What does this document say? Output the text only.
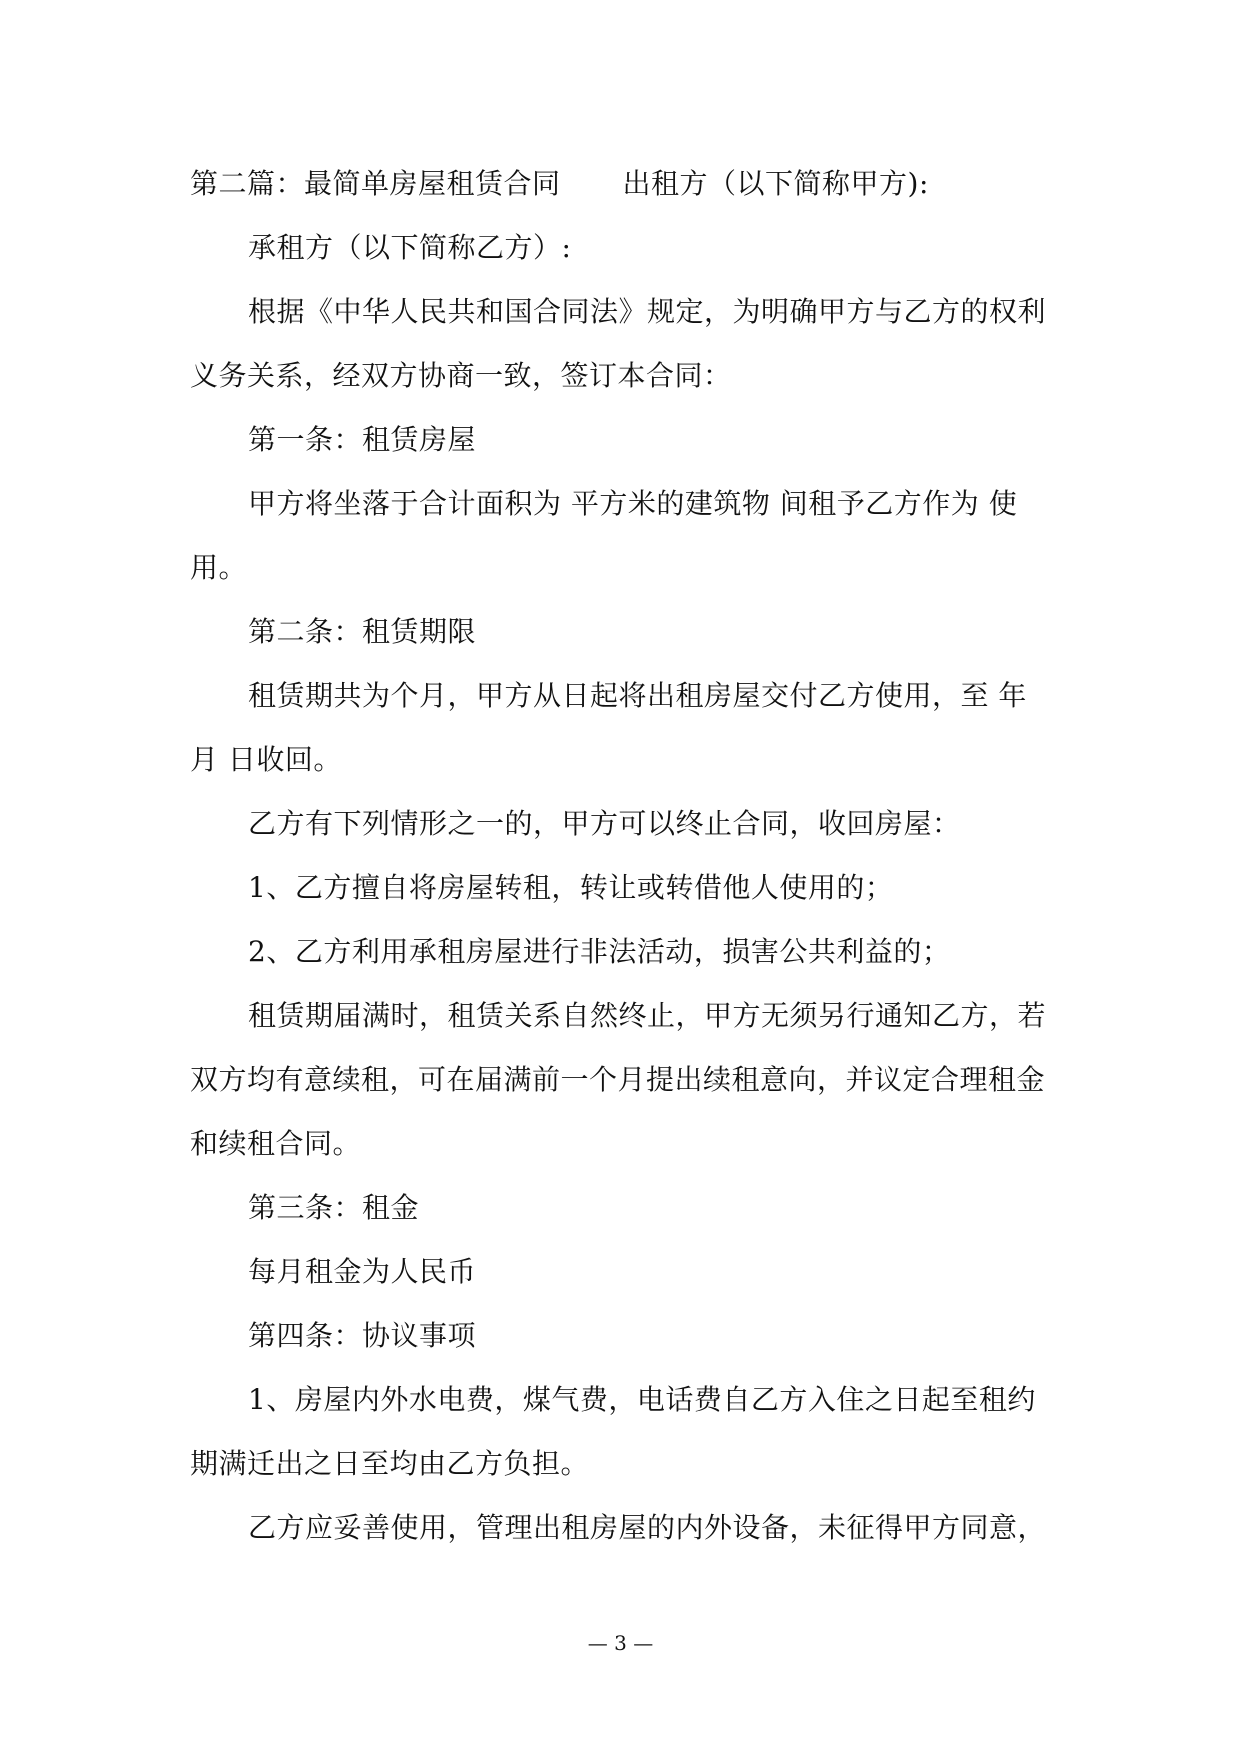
第二篇：最简单房屋租赁合同 出租方（以下简称甲方):
承租方（以下简称乙方）:
根据《中华人民共和国合同法》规定，为明确甲方与乙方的权利
义务关系，经双方协商一致，签订本合同：
第一条：租赁房屋
甲方将坐落于合计面积为 平方米的建筑物 间租予乙方作为 使
用。
第二条：租赁期限
租赁期共为个月，甲方从日起将出租房屋交付乙方使用，至 年
月 日收回。
乙方有下列情形之一的，甲方可以终止合同，收回房屋：
1、乙方擅自将房屋转租，转让或转借他人使用的；
2、乙方利用承租房屋进行非法活动，损害公共利益的；
租赁期届满时，租赁关系自然终止，甲方无须另行通知乙方，若
双方均有意续租，可在届满前一个月提出续租意向，并议定合理租金
和续租合同。
第三条：租金
每月租金为人民币
第四条：协议事项
1、房屋内外水电费，煤气费，电话费自乙方入住之日起至租约
期满迁出之日至均由乙方负担。
乙方应妥善使用，管理出租房屋的内外设备，未征得甲方同意，
— 3 —
